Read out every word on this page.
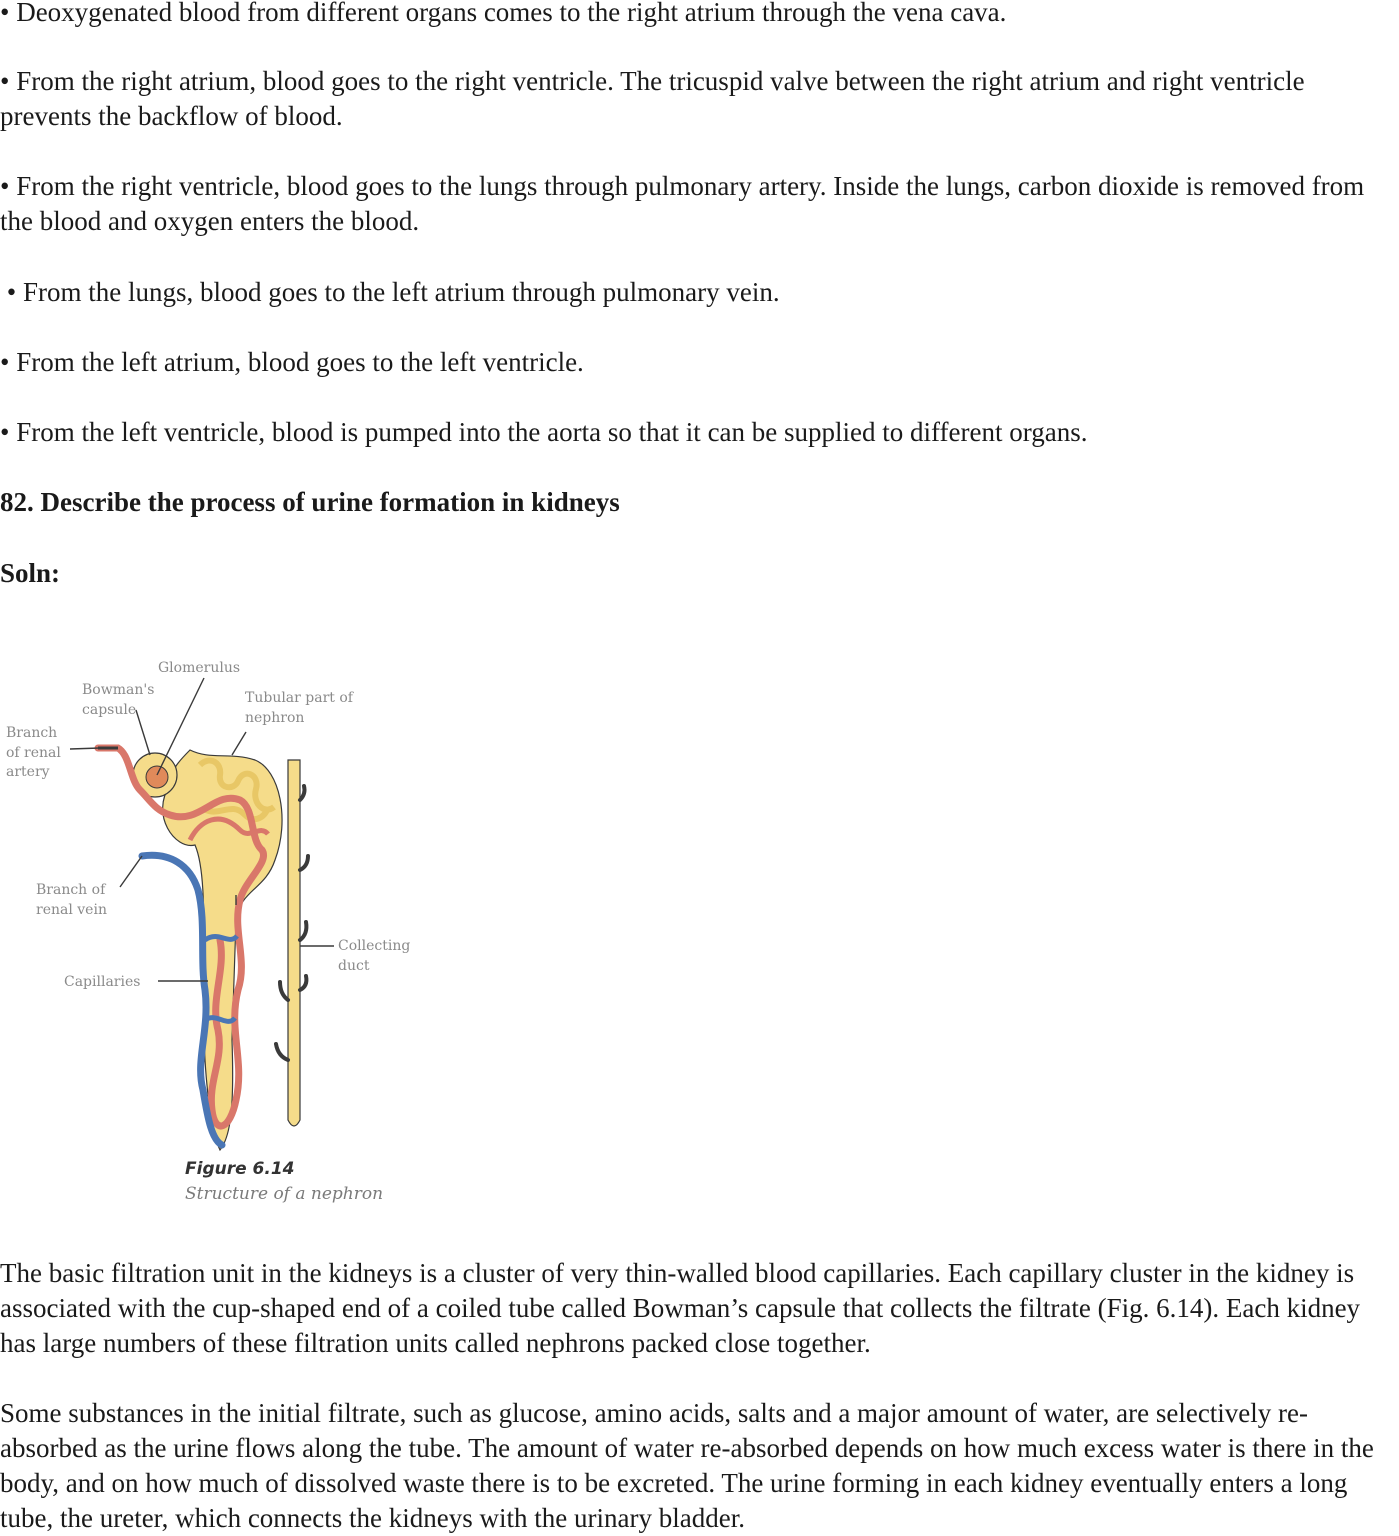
• Deoxygenated blood from different organs comes to the right atrium through the vena cava.

• From the right atrium, blood goes to the right ventricle. The tricuspid valve between the right atrium and right ventricle prevents the backflow of blood.

• From the right ventricle, blood goes to the lungs through pulmonary artery. Inside the lungs, carbon dioxide is removed from the blood and oxygen enters the blood.

• From the lungs, blood goes to the left atrium through pulmonary vein.

• From the left atrium, blood goes to the left ventricle.

• From the left ventricle, blood is pumped into the aorta so that it can be supplied to different organs.

82. Describe the process of urine formation in kidneys

Soln:

Glomerulus
Bowman's
capsule
Tubular part of
nephron
Branch
of renal
artery
Branch of
renal vein
Capillaries
Collecting
duct
Figure 6.14
Structure of a nephron

The basic filtration unit in the kidneys is a cluster of very thin-walled blood capillaries. Each capillary cluster in the kidney is associated with the cup-shaped end of a coiled tube called Bowman’s capsule that collects the filtrate (Fig. 6.14). Each kidney has large numbers of these filtration units called nephrons packed close together.

Some substances in the initial filtrate, such as glucose, amino acids, salts and a major amount of water, are selectively re-absorbed as the urine flows along the tube. The amount of water re-absorbed depends on how much excess water is there in the body, and on how much of dissolved waste there is to be excreted. The urine forming in each kidney eventually enters a long tube, the ureter, which connects the kidneys with the urinary bladder.
